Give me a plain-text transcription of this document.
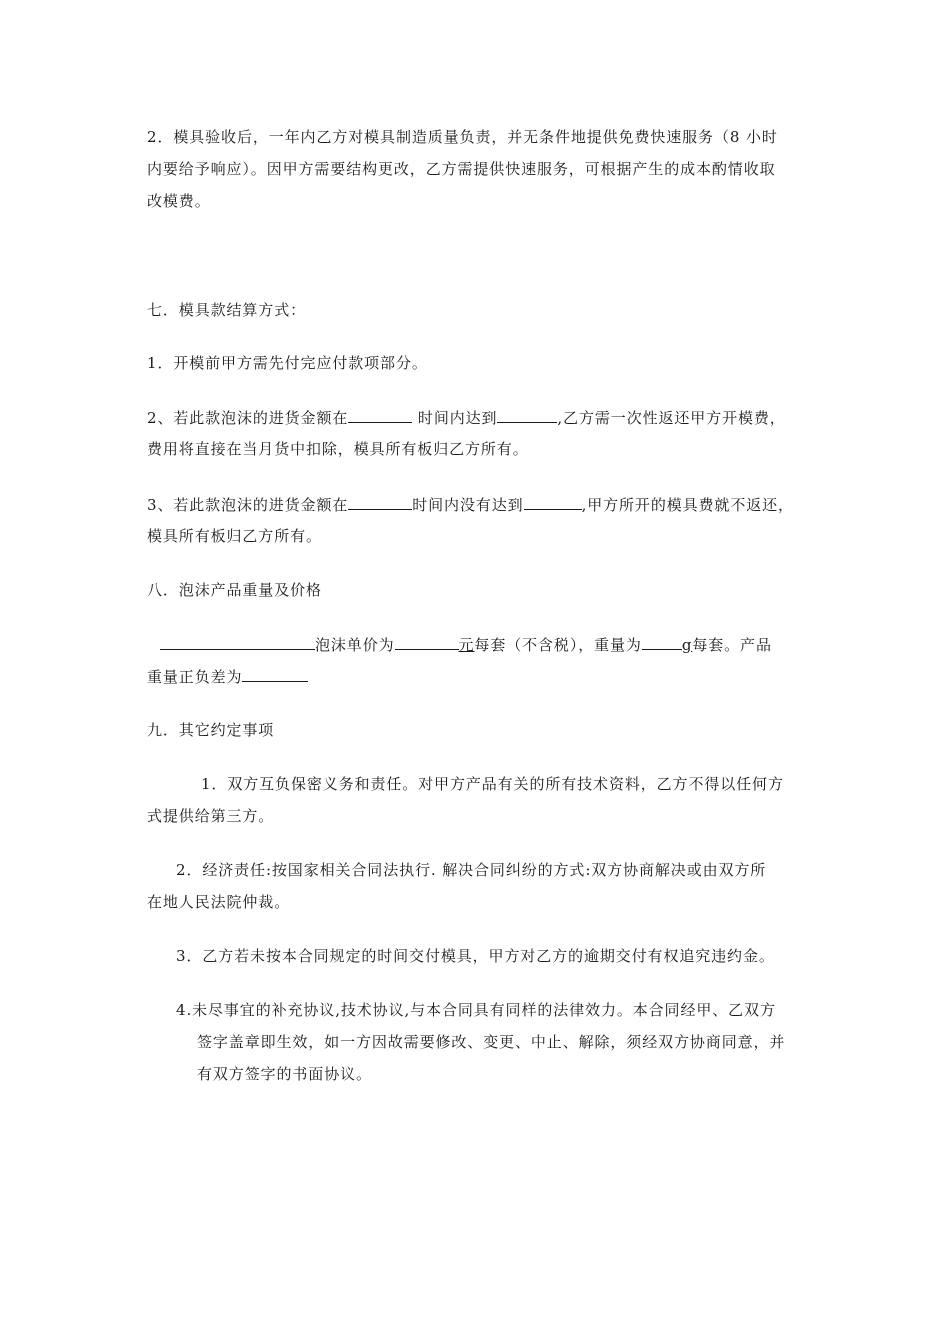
2．模具验收后，一年内乙方对模具制造质量负责，并无条件地提供免费快速服务（8 小时
内要给予响应）。因甲方需要结构更改，乙方需提供快速服务，可根据产生的成本酌情收取
改模费。
七．模具款结算方式：
1．开模前甲方需先付完应付款项部分。
2、若此款泡沫的进货金额在	时间内达到	,乙方需一次性返还甲方开模费，
费用将直接在当月货中扣除，模具所有板归乙方所有。
3、若此款泡沫的进货金额在	时间内没有达到	,甲方所开的模具费就不返还，
模具所有板归乙方所有。
八．泡沫产品重量及价格
泡沫单价为	元每套（不含税），重量为	g每套。产品
重量正负差为
九．其它约定事项
1．双方互负保密义务和责任。对甲方产品有关的所有技术资料，乙方不得以任何方
式提供给第三方。
2．经济责任:按国家相关合同法执行. 解决合同纠纷的方式:双方协商解决或由双方所
在地人民法院仲裁。
3．乙方若未按本合同规定的时间交付模具，甲方对乙方的逾期交付有权追究违约金。
4.未尽事宜的补充协议,技术协议,与本合同具有同样的法律效力。本合同经甲、乙双方
签字盖章即生效，如一方因故需要修改、变更、中止、解除，须经双方协商同意，并
有双方签字的书面协议。
